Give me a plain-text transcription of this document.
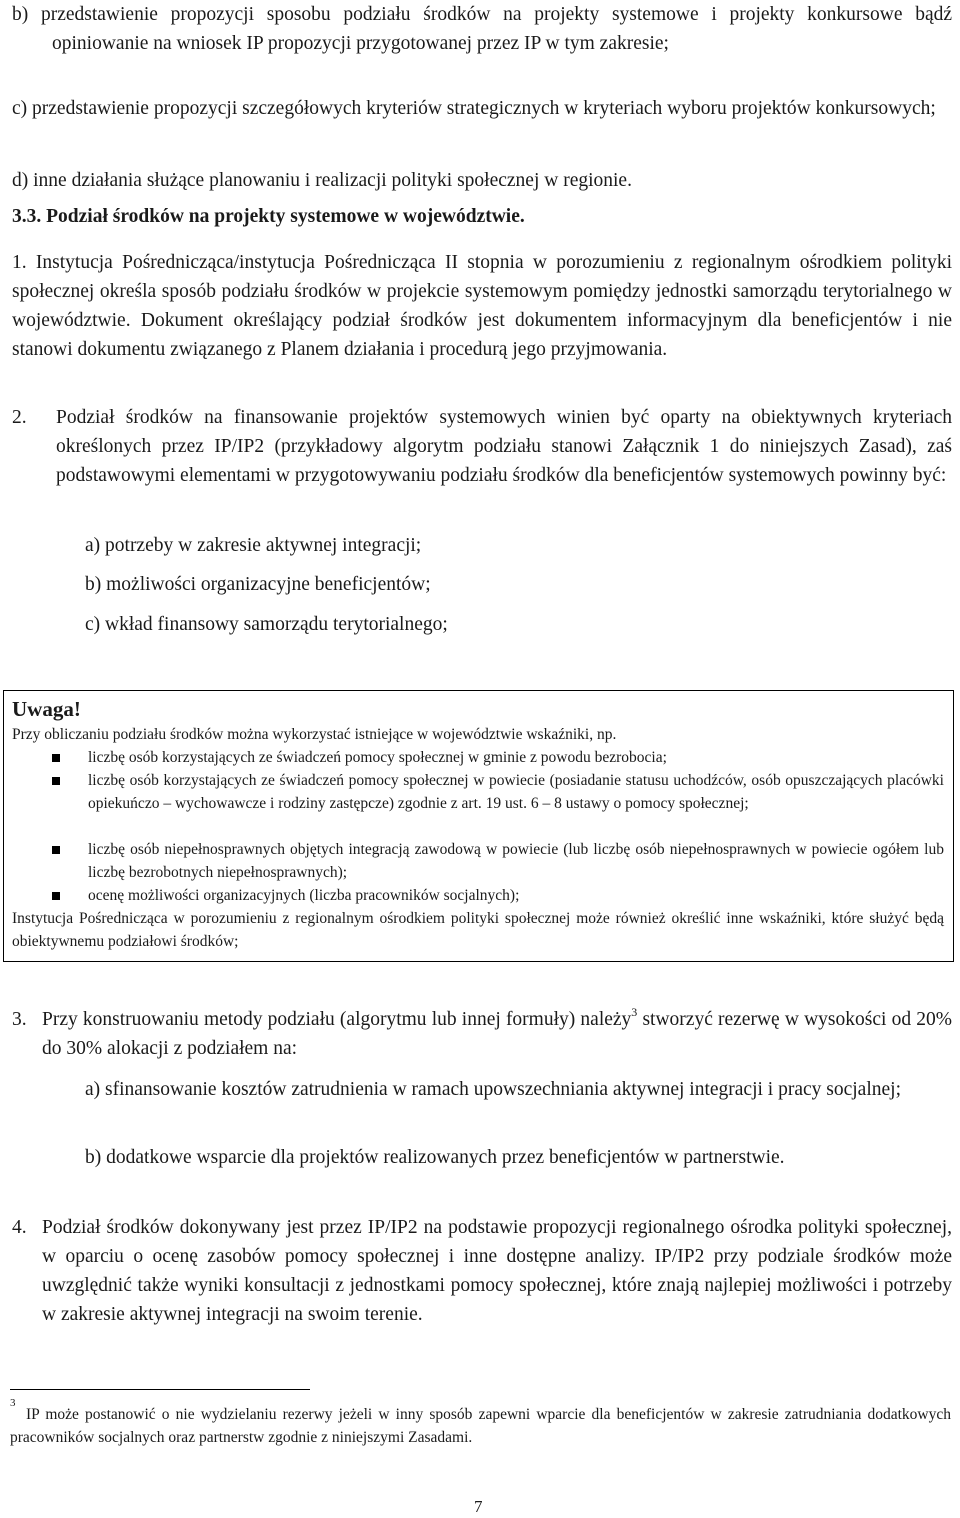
b) przedstawienie propozycji sposobu podziału środków na projekty systemowe i projekty konkursowe bądź opiniowanie na wniosek IP propozycji przygotowanej przez IP w tym zakresie;
c) przedstawienie propozycji szczegółowych kryteriów strategicznych w kryteriach wyboru projektów konkursowych;
d) inne działania służące planowaniu i realizacji polityki społecznej w regionie.
3.3. Podział środków na projekty systemowe w województwie.
1. Instytucja Pośrednicząca/instytucja Pośrednicząca II stopnia w porozumieniu z regionalnym ośrodkiem polityki społecznej określa sposób podziału środków w projekcie systemowym pomiędzy jednostki samorządu terytorialnego w województwie. Dokument określający podział środków jest dokumentem informacyjnym dla beneficjentów i nie stanowi dokumentu związanego z Planem działania i procedurą jego przyjmowania.
2. Podział środków na finansowanie projektów systemowych winien być oparty na obiektywnych kryteriach określonych przez IP/IP2 (przykładowy algorytm podziału stanowi Załącznik 1 do niniejszych Zasad), zaś podstawowymi elementami w przygotowywaniu podziału środków dla beneficjentów systemowych powinny być:
a) potrzeby w zakresie aktywnej integracji;
b) możliwości organizacyjne beneficjentów;
c) wkład finansowy samorządu terytorialnego;
Uwaga!
Przy obliczaniu podziału środków można wykorzystać istniejące w województwie wskaźniki, np.
liczbę osób korzystających ze świadczeń pomocy społecznej w gminie z powodu bezrobocia;
liczbę osób korzystających ze świadczeń pomocy społecznej w powiecie (posiadanie statusu uchodźców, osób opuszczających placówki opiekuńczo – wychowawcze i rodziny zastępcze) zgodnie z art. 19 ust. 6 – 8 ustawy o pomocy społecznej;
liczbę osób niepełnosprawnych objętych integracją zawodową w powiecie (lub liczbę osób niepełnosprawnych w powiecie ogółem lub liczbę bezrobotnych niepełnosprawnych);
ocenę możliwości organizacyjnych (liczba pracowników socjalnych);
Instytucja Pośrednicząca w porozumieniu z regionalnym ośrodkiem polityki społecznej może również określić inne wskaźniki, które służyć będą obiektywnemu podziałowi środków;
3. Przy konstruowaniu metody podziału (algorytmu lub innej formuły) należy$^3$ stworzyć rezerwę w wysokości od 20% do 30% alokacji z podziałem na:
a) sfinansowanie kosztów zatrudnienia w ramach upowszechniania aktywnej integracji i pracy socjalnej;
b) dodatkowe wsparcie dla projektów realizowanych przez beneficjentów w partnerstwie.
4. Podział środków dokonywany jest przez IP/IP2 na podstawie propozycji regionalnego ośrodka polityki społecznej, w oparciu o ocenę zasobów pomocy społecznej i inne dostępne analizy. IP/IP2 przy podziale środków może uwzględnić także wyniki konsultacji z jednostkami pomocy społecznej, które znają najlepiej możliwości i potrzeby w zakresie aktywnej integracji na swoim terenie.
3
IP może postanowić o nie wydzielaniu rezerwy jeżeli w inny sposób zapewni wparcie dla beneficjentów w zakresie zatrudniania dodatkowych pracowników socjalnych oraz partnerstw zgodnie z niniejszymi Zasadami.
7
